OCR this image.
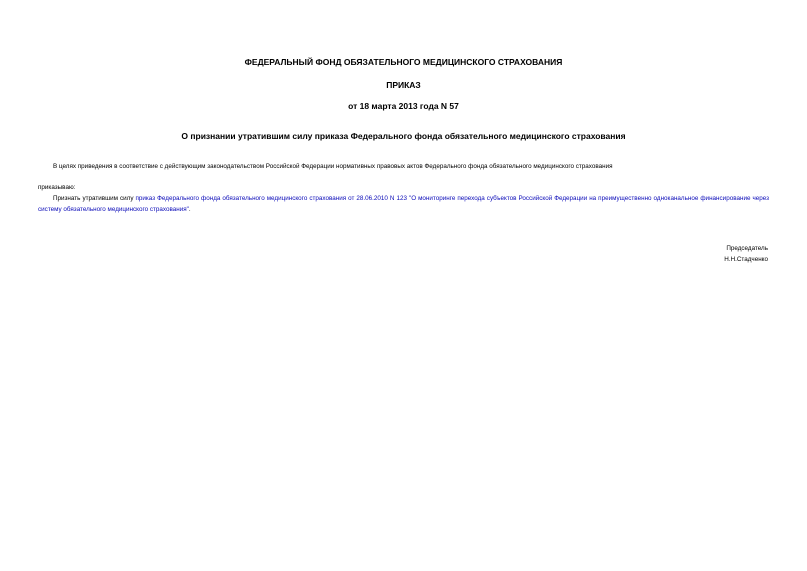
ФЕДЕРАЛЬНЫЙ ФОНД ОБЯЗАТЕЛЬНОГО МЕДИЦИНСКОГО СТРАХОВАНИЯ
ПРИКАЗ
от 18 марта 2013 года N 57
О признании утратившим силу приказа Федерального фонда обязательного медицинского страхования
В целях приведения в соответствие с действующим законодательством Российской Федерации нормативных правовых актов Федерального фонда обязательного медицинского страхования
приказываю:
Признать утратившим силу приказ Федерального фонда обязательного медицинского страхования от 28.06.2010 N 123 "О мониторинге перехода субъектов Российской Федерации на преимущественно одноканальное финансирование через систему обязательного медицинского страхования".
Председатель
Н.Н.Стадченко
